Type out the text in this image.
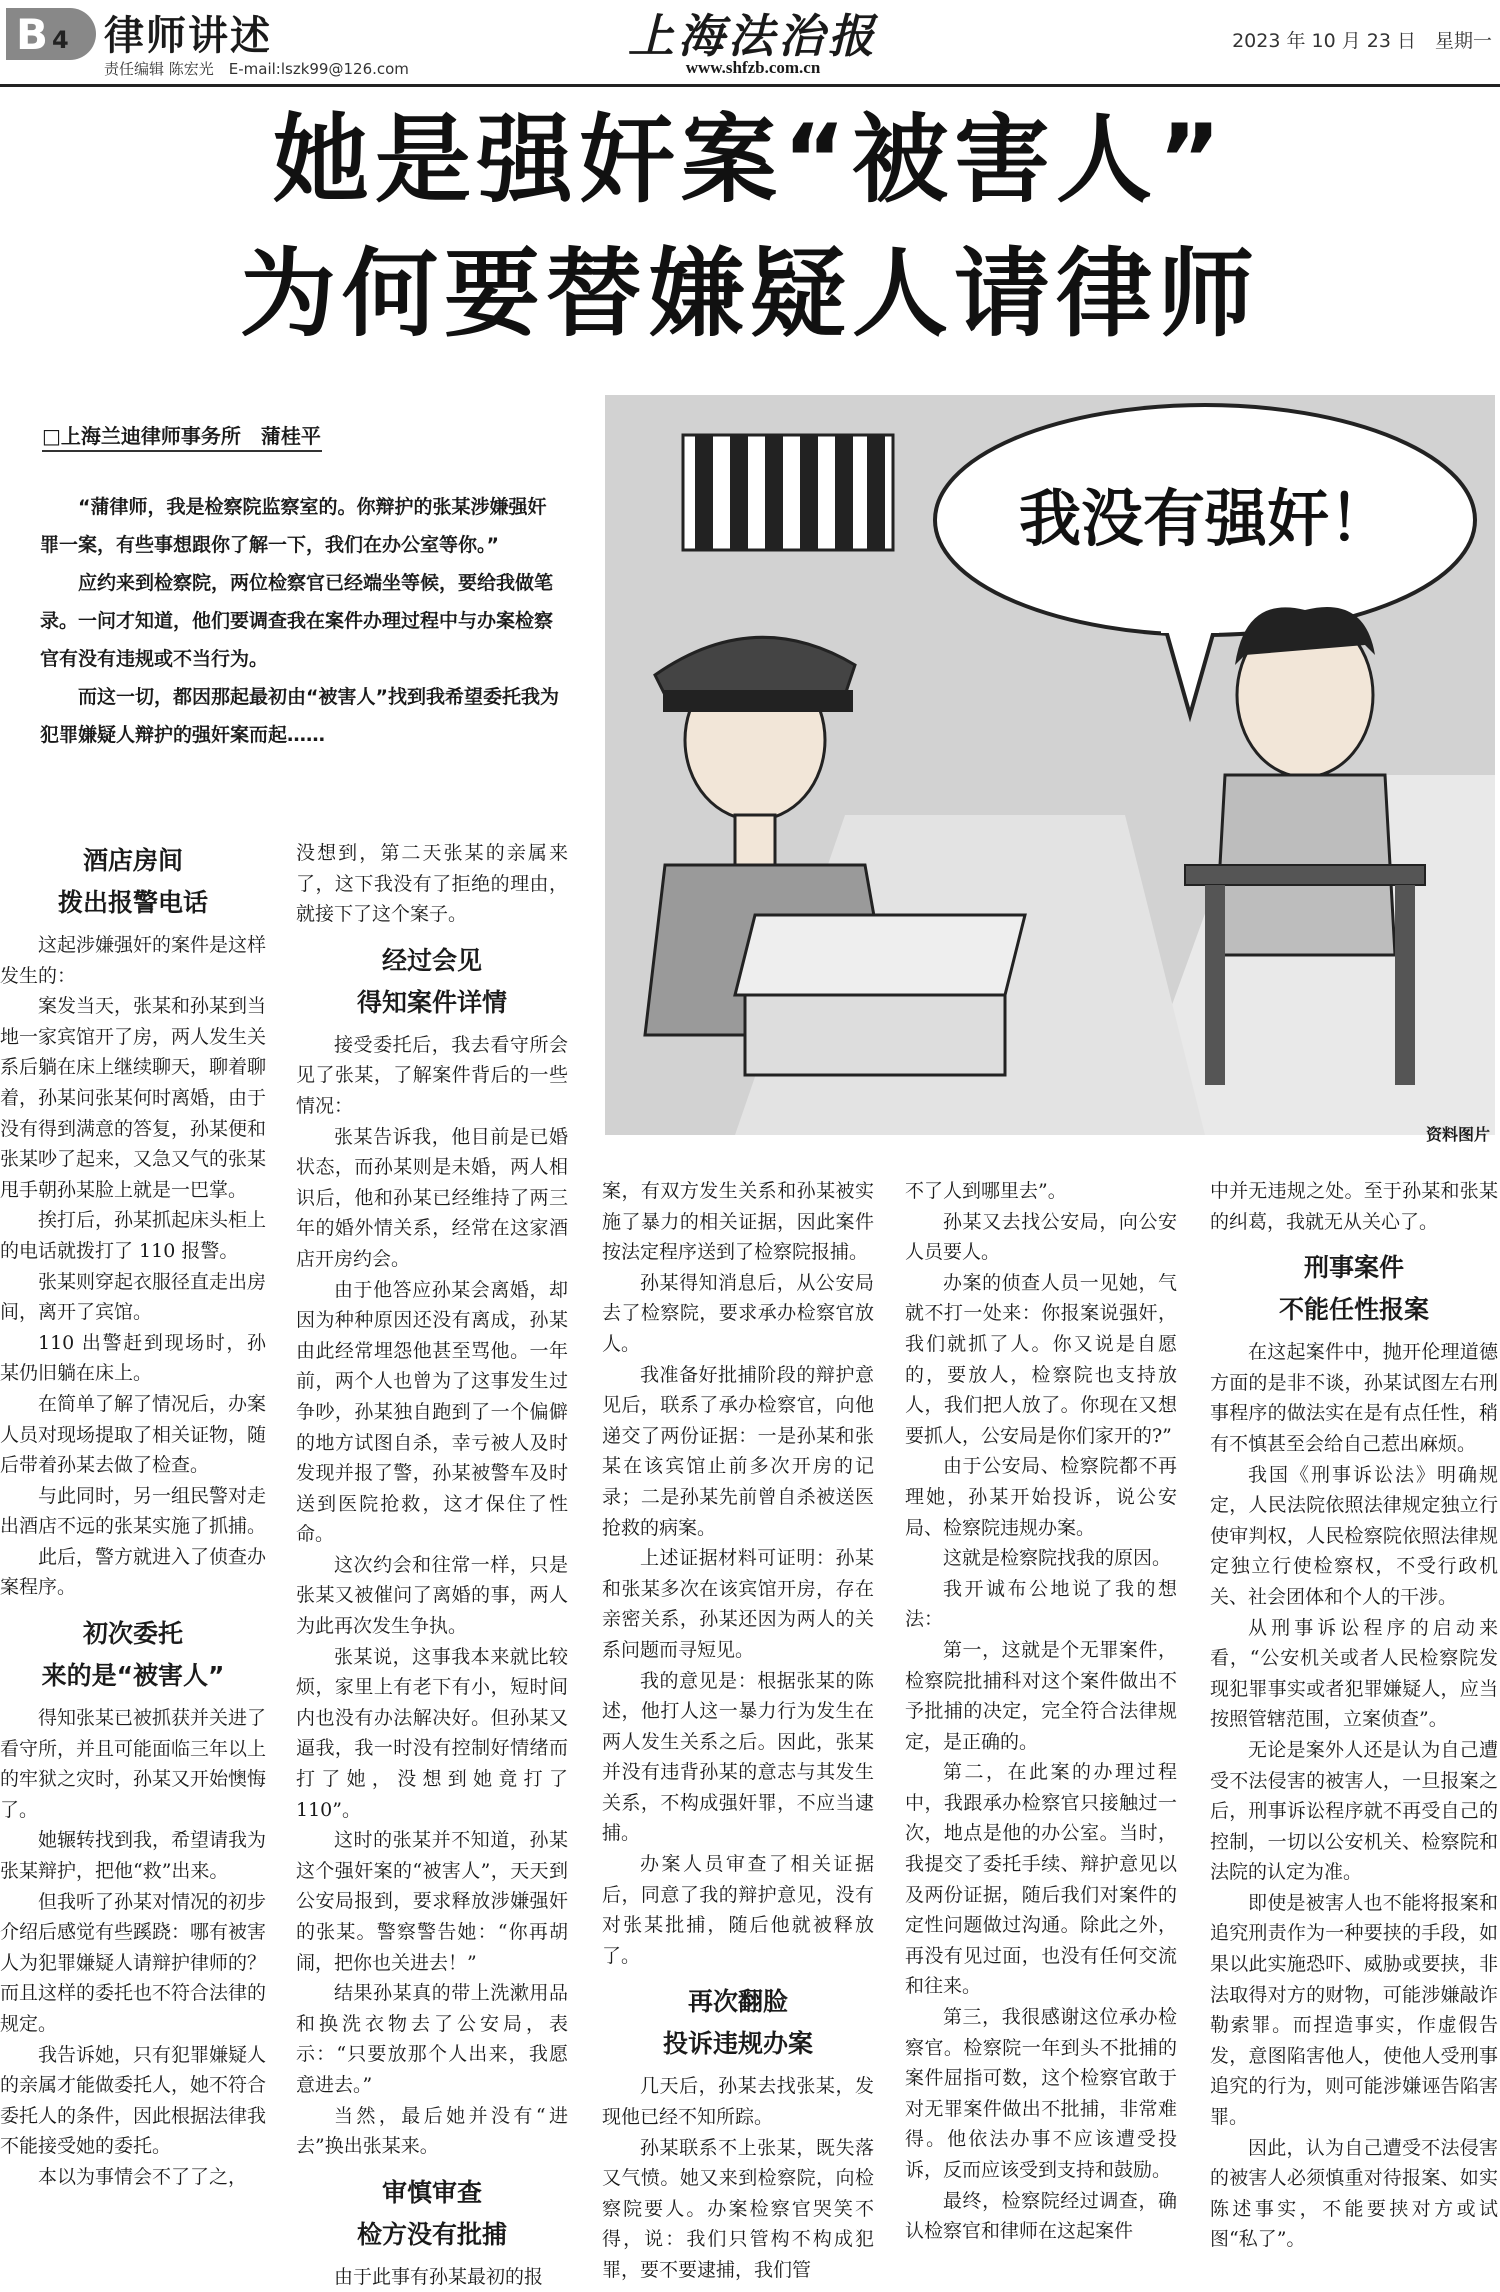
B 4 律师讲述
责任编辑 陈宏光　E-mail:lszk99@126.com
上海法治报
www.shfzb.com.cn
2023 年 10 月 23 日　星期一
她是强奸案“被害人”
为何要替嫌疑人请律师
□上海兰迪律师事务所　蒲桂平

“蒲律师，我是检察院监察室的。你辩护的张某涉嫌强奸罪一案，有些事想跟你了解一下，我们在办公室等你。”

应约来到检察院，两位检察官已经端坐等候，要给我做笔录。一问才知道，他们要调查我在案件办理过程中与办案检察官有没有违规或不当行为。

而这一切，都因那起最初由“被害人”找到我希望委托我为犯罪嫌疑人辩护的强奸案而起……

我没有强奸！
资料图片
酒店房间
拨出报警电话

这起涉嫌强奸的案件是这样发生的：

案发当天，张某和孙某到当地一家宾馆开了房，两人发生关系后躺在床上继续聊天，聊着聊着，孙某问张某何时离婚，由于没有得到满意的答复，孙某便和张某吵了起来，又急又气的张某甩手朝孙某脸上就是一巴掌。

挨打后，孙某抓起床头柜上的电话就拨打了 110 报警。

张某则穿起衣服径直走出房间，离开了宾馆。

110 出警赶到现场时，孙某仍旧躺在床上。

在简单了解了情况后，办案人员对现场提取了相关证物，随后带着孙某去做了检查。

与此同时，另一组民警对走出酒店不远的张某实施了抓捕。

此后，警方就进入了侦查办案程序。

初次委托
来的是“被害人”

得知张某已被抓获并关进了看守所，并且可能面临三年以上的牢狱之灾时，孙某又开始懊悔了。

她辗转找到我，希望请我为张某辩护，把他“救”出来。

但我听了孙某对情况的初步介绍后感觉有些蹊跷：哪有被害人为犯罪嫌疑人请辩护律师的？而且这样的委托也不符合法律的规定。

我告诉她，只有犯罪嫌疑人的亲属才能做委托人，她不符合委托人的条件，因此根据法律我不能接受她的委托。

本以为事情会不了了之，

没想到，第二天张某的亲属来了，这下我没有了拒绝的理由，就接下了这个案子。

经过会见
得知案件详情

接受委托后，我去看守所会见了张某，了解案件背后的一些情况：

张某告诉我，他目前是已婚状态，而孙某则是未婚，两人相识后，他和孙某已经维持了两三年的婚外情关系，经常在这家酒店开房约会。

由于他答应孙某会离婚，却因为种种原因还没有离成，孙某由此经常埋怨他甚至骂他。一年前，两个人也曾为了这事发生过争吵，孙某独自跑到了一个偏僻的地方试图自杀，幸亏被人及时发现并报了警，孙某被警车及时送到医院抢救，这才保住了性命。

这次约会和往常一样，只是张某又被催问了离婚的事，两人为此再次发生争执。

张某说，这事我本来就比较烦，家里上有老下有小，短时间内也没有办法解决好。但孙某又逼我，我一时没有控制好情绪而打了她，没想到她竟打了 110”。

这时的张某并不知道，孙某这个强奸案的“被害人”，天天到公安局报到，要求释放涉嫌强奸的张某。警察警告她：“你再胡闹，把你也关进去！”

结果孙某真的带上洗漱用品和换洗衣物去了公安局，表示：“只要放那个人出来，我愿意进去。”

当然，最后她并没有“进去”换出张某来。

审慎审查
检方没有批捕

由于此事有孙某最初的报

案，有双方发生关系和孙某被实施了暴力的相关证据，因此案件按法定程序送到了检察院报捕。

孙某得知消息后，从公安局去了检察院，要求承办检察官放人。

我准备好批捕阶段的辩护意见后，联系了承办检察官，向他递交了两份证据：一是孙某和张某在该宾馆止前多次开房的记录；二是孙某先前曾自杀被送医抢救的病案。

上述证据材料可证明：孙某和张某多次在该宾馆开房，存在亲密关系，孙某还因为两人的关系问题而寻短见。

我的意见是：根据张某的陈述，他打人这一暴力行为发生在两人发生关系之后。因此，张某并没有违背孙某的意志与其发生关系，不构成强奸罪，不应当逮捕。

办案人员审查了相关证据后，同意了我的辩护意见，没有对张某批捕，随后他就被释放了。

再次翻脸
投诉违规办案

几天后，孙某去找张某，发现他已经不知所踪。

孙某联系不上张某，既失落又气愤。她又来到检察院，向检察院要人。办案检察官哭笑不得，说：我们只管构不构成犯罪，要不要逮捕，我们管

不了人到哪里去”。

孙某又去找公安局，向公安人员要人。

办案的侦查人员一见她，气就不打一处来：你报案说强奸，我们就抓了人。你又说是自愿的，要放人，检察院也支持放人，我们把人放了。你现在又想要抓人，公安局是你们家开的?”

由于公安局、检察院都不再理她，孙某开始投诉，说公安局、检察院违规办案。

这就是检察院找我的原因。

我开诚布公地说了我的想法：

第一，这就是个无罪案件，检察院批捕科对这个案件做出不予批捕的决定，完全符合法律规定，是正确的。

第二，在此案的办理过程中，我跟承办检察官只接触过一次，地点是他的办公室。当时，我提交了委托手续、辩护意见以及两份证据，随后我们对案件的定性问题做过沟通。除此之外，再没有见过面，也没有任何交流和往来。

第三，我很感谢这位承办检察官。检察院一年到头不批捕的案件屈指可数，这个检察官敢于对无罪案件做出不批捕，非常难得。他依法办事不应该遭受投诉，反而应该受到支持和鼓励。

最终，检察院经过调查，确认检察官和律师在这起案件

中并无违规之处。至于孙某和张某的纠葛，我就无从关心了。

刑事案件
不能任性报案

在这起案件中，抛开伦理道德方面的是非不谈，孙某试图左右刑事程序的做法实在是有点任性，稍有不慎甚至会给自己惹出麻烦。

我国《刑事诉讼法》明确规定，人民法院依照法律规定独立行使审判权，人民检察院依照法律规定独立行使检察权，不受行政机关、社会团体和个人的干涉。

从刑事诉讼程序的启动来看，“公安机关或者人民检察院发现犯罪事实或者犯罪嫌疑人，应当按照管辖范围，立案侦查”。

无论是案外人还是认为自己遭受不法侵害的被害人，一旦报案之后，刑事诉讼程序就不再受自己的控制，一切以公安机关、检察院和法院的认定为准。

即使是被害人也不能将报案和追究刑责作为一种要挟的手段，如果以此实施恐吓、威胁或要挟，非法取得对方的财物，可能涉嫌敲诈勒索罪。而捏造事实，作虚假告发，意图陷害他人，使他人受刑事追究的行为，则可能涉嫌诬告陷害罪。

因此，认为自己遭受不法侵害的被害人必须慎重对待报案、如实陈述事实，不能要挟对方或试图“私了”。
